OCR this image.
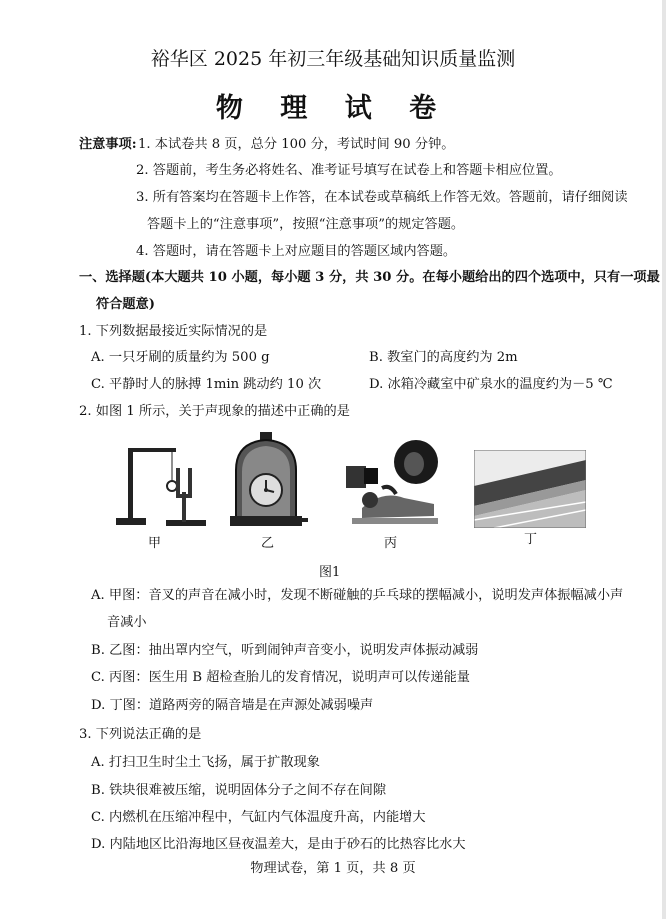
裕华区 2025 年初三年级基础知识质量监测
物 理 试 卷
注意事项: 1. 本试卷共 8 页，总分 100 分，考试时间 90 分钟。
2. 答题前，考生务必将姓名、准考证号填写在试卷上和答题卡相应位置。
3. 所有答案均在答题卡上作答，在本试卷或草稿纸上作答无效。答题前，请仔细阅读
答题卡上的“注意事项”，按照“注意事项”的规定答题。
4. 答题时，请在答题卡上对应题目的答题区域内答题。
一、选择题(本大题共 10 小题，每小题 3 分，共 30 分。在每小题给出的四个选项中，只有一项最
符合题意)
1. 下列数据最接近实际情况的是
A. 一只牙刷的质量约为 500 g	B. 教室门的高度约为 2m
C. 平静时人的脉搏 1min 跳动约 10 次	D. 冰箱冷藏室中矿泉水的温度约为－5 ℃
2. 如图 1 所示，关于声现象的描述中正确的是
甲	乙	丙	丁
图1
A. 甲图：音叉的声音在减小时，发现不断碰触的乒乓球的摆幅减小，说明发声体振幅减小声
音减小
B. 乙图：抽出罩内空气，听到闹钟声音变小，说明发声体振动减弱
C. 丙图：医生用 B 超检查胎儿的发育情况，说明声可以传递能量
D. 丁图：道路两旁的隔音墙是在声源处减弱噪声
3. 下列说法正确的是
A. 打扫卫生时尘土飞扬，属于扩散现象
B. 铁块很难被压缩，说明固体分子之间不存在间隙
C. 内燃机在压缩冲程中，气缸内气体温度升高，内能增大
D. 内陆地区比沿海地区昼夜温差大，是由于砂石的比热容比水大
物理试卷，第 1 页，共 8 页
